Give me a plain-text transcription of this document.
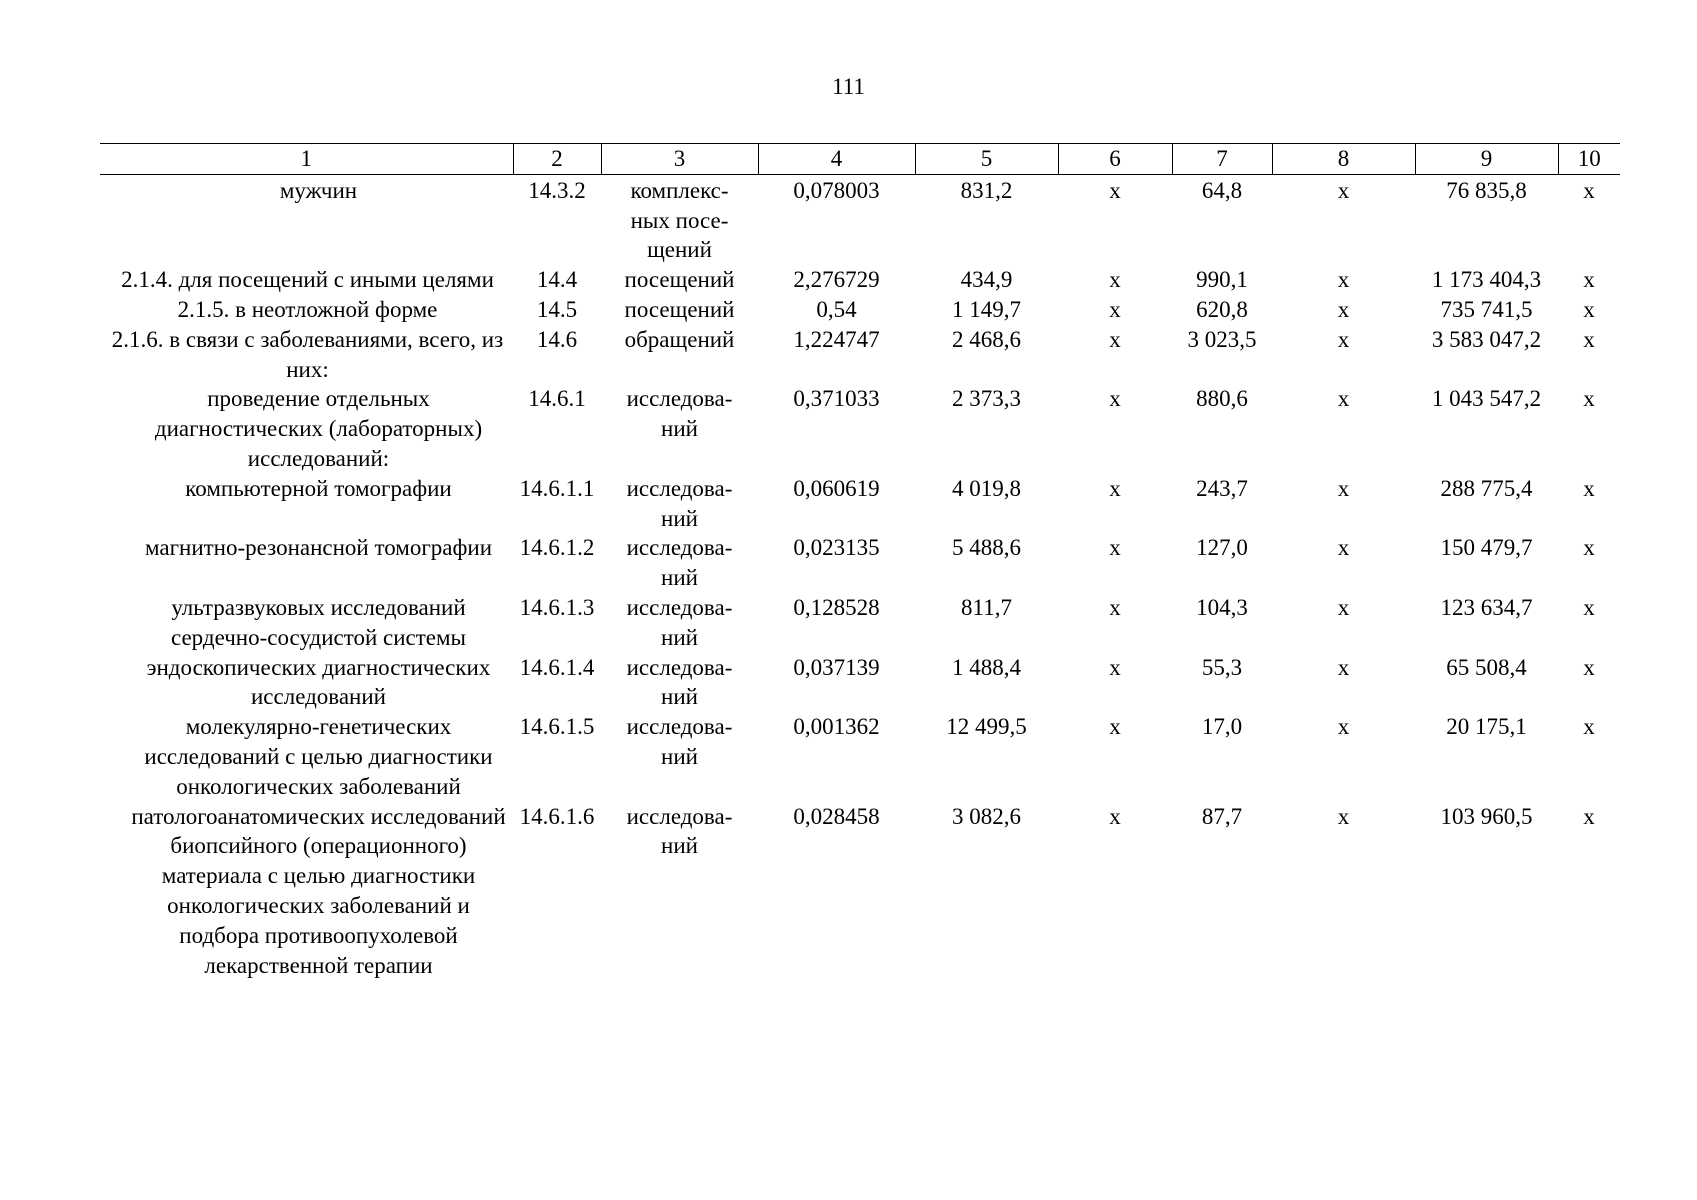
111
1	2	3	4	5	6	7	8	9	10
мужчин	14.3.2	комплекс-ных посе-щений	0,078003	831,2	х	64,8	х	76 835,8	х
2.1.4. для посещений с иными целями	14.4	посещений	2,276729	434,9	х	990,1	х	1 173 404,3	х
2.1.5. в неотложной форме	14.5	посещений	0,54	1 149,7	х	620,8	х	735 741,5	х
2.1.6. в связи с заболеваниями, всего, из них:	14.6	обращений	1,224747	2 468,6	х	3 023,5	х	3 583 047,2	х
проведение отдельных диагностических (лабораторных) исследований:	14.6.1	исследова-ний	0,371033	2 373,3	х	880,6	х	1 043 547,2	х
компьютерной томографии	14.6.1.1	исследова-ний	0,060619	4 019,8	х	243,7	х	288 775,4	х
магнитно-резонансной томографии	14.6.1.2	исследова-ний	0,023135	5 488,6	х	127,0	х	150 479,7	х
ультразвуковых исследований сердечно-сосудистой системы	14.6.1.3	исследова-ний	0,128528	811,7	х	104,3	х	123 634,7	х
эндоскопических диагностических исследований	14.6.1.4	исследова-ний	0,037139	1 488,4	х	55,3	х	65 508,4	х
молекулярно-генетических исследований с целью диагностики онкологических заболеваний	14.6.1.5	исследова-ний	0,001362	12 499,5	х	17,0	х	20 175,1	х
патологоанатомических исследований биопсийного (операционного) материала с целью диагностики онкологических заболеваний и подбора противоопухолевой лекарственной терапии	14.6.1.6	исследова-ний	0,028458	3 082,6	х	87,7	х	103 960,5	х
